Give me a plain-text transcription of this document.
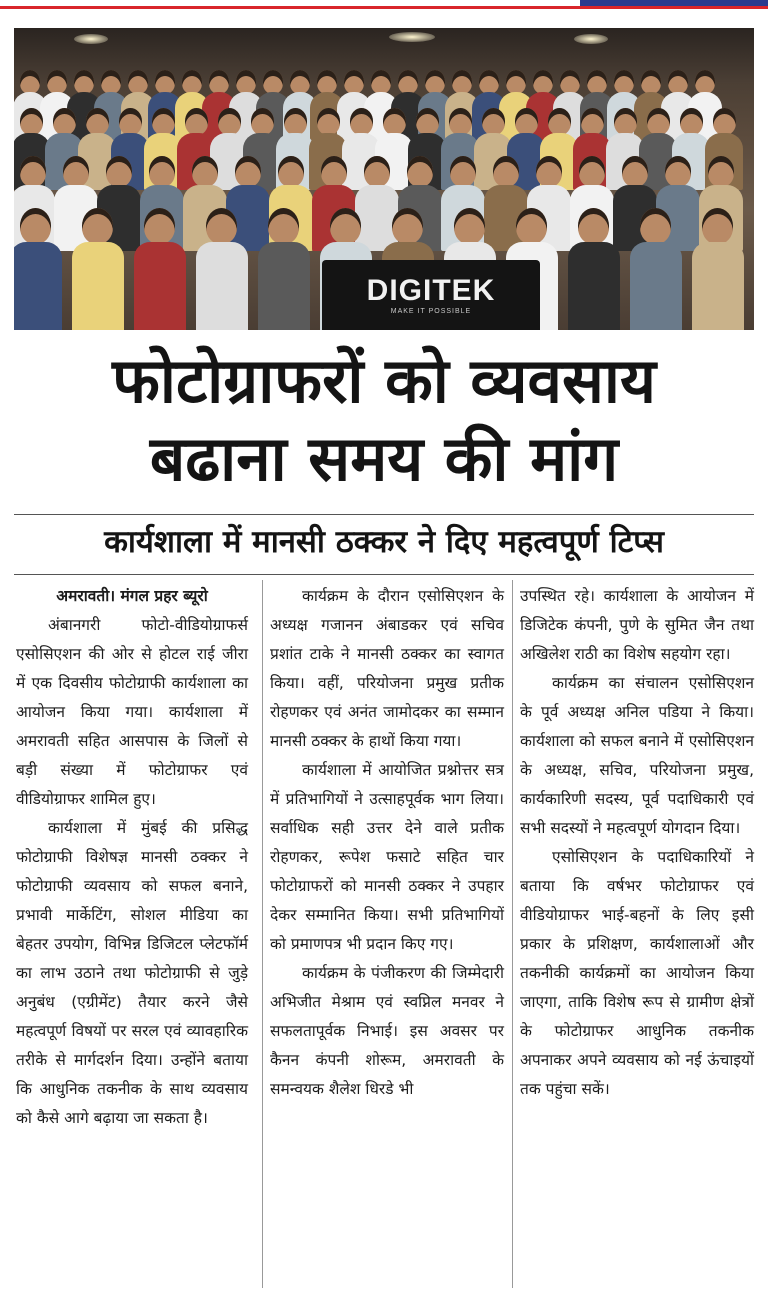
DIGITEK
MAKE IT POSSIBLE
फोटोग्राफरों को व्यवसाय
बढाना समय की मांग
कार्यशाला में मानसी ठक्कर ने दिए महत्वपूर्ण टिप्स

अमरावती। मंगल प्रहर ब्यूरो

अंबानगरी फोटो-वीडियोग्राफर्स एसोसिएशन की ओर से होटल राई जीरा में एक दिवसीय फोटोग्राफी कार्यशाला का आयोजन किया गया। कार्यशाला में अमरावती सहित आसपास के जिलों से बड़ी संख्या में फोटोग्राफर एवं वीडियोग्राफर शामिल हुए।

कार्यशाला में मुंबई की प्रसिद्ध फोटोग्राफी विशेषज्ञ मानसी ठक्कर ने फोटोग्राफी व्यवसाय को सफल बनाने, प्रभावी मार्केटिंग, सोशल मीडिया का बेहतर उपयोग, विभिन्न डिजिटल प्लेटफॉर्म का लाभ उठाने तथा फोटोग्राफी से जुड़े अनुबंध (एग्रीमेंट) तैयार करने जैसे महत्वपूर्ण विषयों पर सरल एवं व्यावहारिक तरीके से मार्गदर्शन दिया। उन्होंने बताया कि आधुनिक तकनीक के साथ व्यवसाय को कैसे आगे बढ़ाया जा सकता है।

कार्यक्रम के दौरान एसोसिएशन के अध्यक्ष गजानन अंबाडकर एवं सचिव प्रशांत टाके ने मानसी ठक्कर का स्वागत किया। वहीं, परियोजना प्रमुख प्रतीक रोहणकर एवं अनंत जामोदकर का सम्मान मानसी ठक्कर के हाथों किया गया।

कार्यशाला में आयोजित प्रश्नोत्तर सत्र में प्रतिभागियों ने उत्साहपूर्वक भाग लिया। सर्वाधिक सही उत्तर देने वाले प्रतीक रोहणकर, रूपेश फसाटे सहित चार फोटोग्राफरों को मानसी ठक्कर ने उपहार देकर सम्मानित किया। सभी प्रतिभागियों को प्रमाणपत्र भी प्रदान किए गए।

कार्यक्रम के पंजीकरण की जिम्मेदारी अभिजीत मेश्राम एवं स्वप्निल मनवर ने सफलतापूर्वक निभाई। इस अवसर पर कैनन कंपनी शोरूम, अमरावती के समन्वयक शैलेश धिरडे भी

उपस्थित रहे। कार्यशाला के आयोजन में डिजिटेक कंपनी, पुणे के सुमित जैन तथा अखिलेश राठी का विशेष सहयोग रहा।

कार्यक्रम का संचालन एसोसिएशन के पूर्व अध्यक्ष अनिल पडिया ने किया। कार्यशाला को सफल बनाने में एसोसिएशन के अध्यक्ष, सचिव, परियोजना प्रमुख, कार्यकारिणी सदस्य, पूर्व पदाधिकारी एवं सभी सदस्यों ने महत्वपूर्ण योगदान दिया।

एसोसिएशन के पदाधिकारियों ने बताया कि वर्षभर फोटोग्राफर एवं वीडियोग्राफर भाई-बहनों के लिए इसी प्रकार के प्रशिक्षण, कार्यशालाओं और तकनीकी कार्यक्रमों का आयोजन किया जाएगा, ताकि विशेष रूप से ग्रामीण क्षेत्रों के फोटोग्राफर आधुनिक तकनीक अपनाकर अपने व्यवसाय को नई ऊंचाइयों तक पहुंचा सकें।
